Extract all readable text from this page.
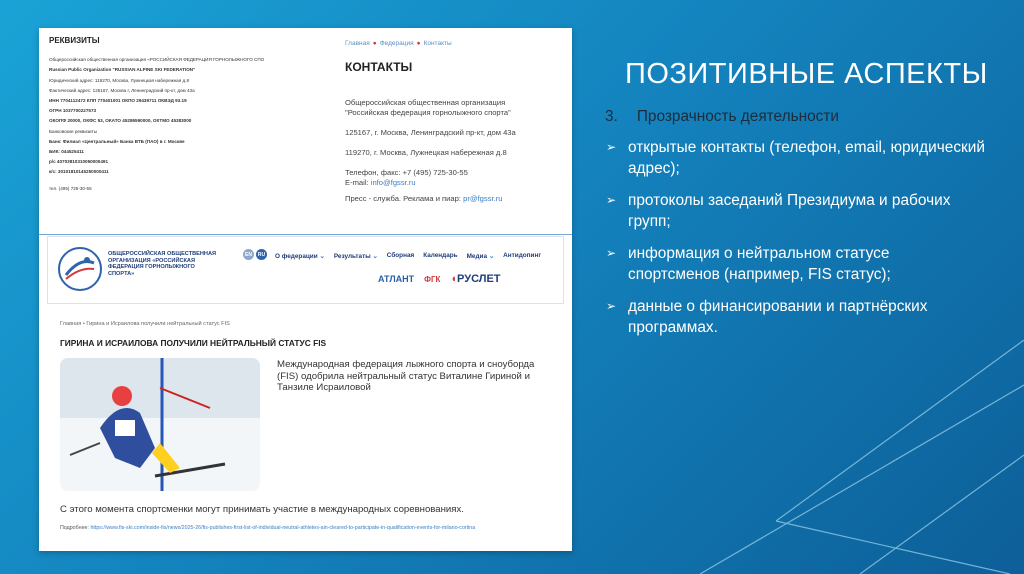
РЕКВИЗИТЫ
Общероссийская общественная организация «РОССИЙСКАЯ ФЕДЕРАЦИЯ ГОРНОЛЫЖНОГО СПО
Russian Public Organization "RUSSIAN ALPINE SKI FEDERATION"
Юридический адрес: 119270, Москва, Лужнецкая набережная д.8
Фактический адрес: 125167, Москва г, Ленинградский пр-кт, дом 43а
ИНН 7704112472 КПП 770401001 ОКПО 29439711 ОКВЭД 93.19
ОГРН 1037700227573
ОКОПФ 20000, ОКФС 53, ОКАТО 45286590000, ОКТМО 45383000
Банковские реквизиты
Банк: Филиал «Центральный» Банка ВТБ (ПАО) в г. Москве
БИК: 044525411
р/с 40703810310050000491
к/с: 30101810145250000411
тел. (495) 725-30-55
Главная ● Федерация ● Контакты
КОНТАКТЫ
Общероссийская общественная организация
"Российская федерация горнолыжного спорта"
125167, г. Москва, Ленинградский пр-кт, дом 43а
119270, г. Москва, Лужнецкая набережная д.8
Телефон, факс: +7 (495) 725-30-55
E-mail: info@fgssr.ru
Пресс - служба. Реклама и пиар: pr@fgssr.ru
ОБЩЕРОССИЙСКАЯ ОБЩЕСТВЕННАЯ ОРГАНИЗАЦИЯ «РОССИЙСКАЯ ФЕДЕРАЦИЯ ГОРНОЛЫЖНОГО СПОРТА»
EN	RU О федерации ⌄ Результаты ⌄ Сборная Календарь Медиа ⌄ Антидопинг
АТЛАНТ ФГК ◖РУСЛЕТ
Главная • Гирина и Исраилова получили нейтральный статус FIS
ГИРИНА И ИСРАИЛОВА ПОЛУЧИЛИ НЕЙТРАЛЬНЫЙ СТАТУС FIS
Международная федерация лыжного спорта и сноуборда (FIS) одобрила нейтральный статус Виталине Гириной и Танзиле Исраиловой
С этого момента спортсменки могут принимать участие в международных соревнованиях.
Подробнее: https://www.fis-ski.com/inside-fis/news/2025-26/fis-publishes-first-list-of-individual-neutral-athletes-ain-cleared-to-participate-in-qualification-events-for-milano-cortina
ПОЗИТИВНЫЕ АСПЕКТЫ
3. Прозрачность деятельности
➢ открытые контакты (телефон, email, юридический адрес);
➢ протоколы заседаний Президиума и рабочих групп;
➢ информация о нейтральном статусе спортсменов (например, FIS статус);
➢ данные о финансировании и партнёрских программах.
